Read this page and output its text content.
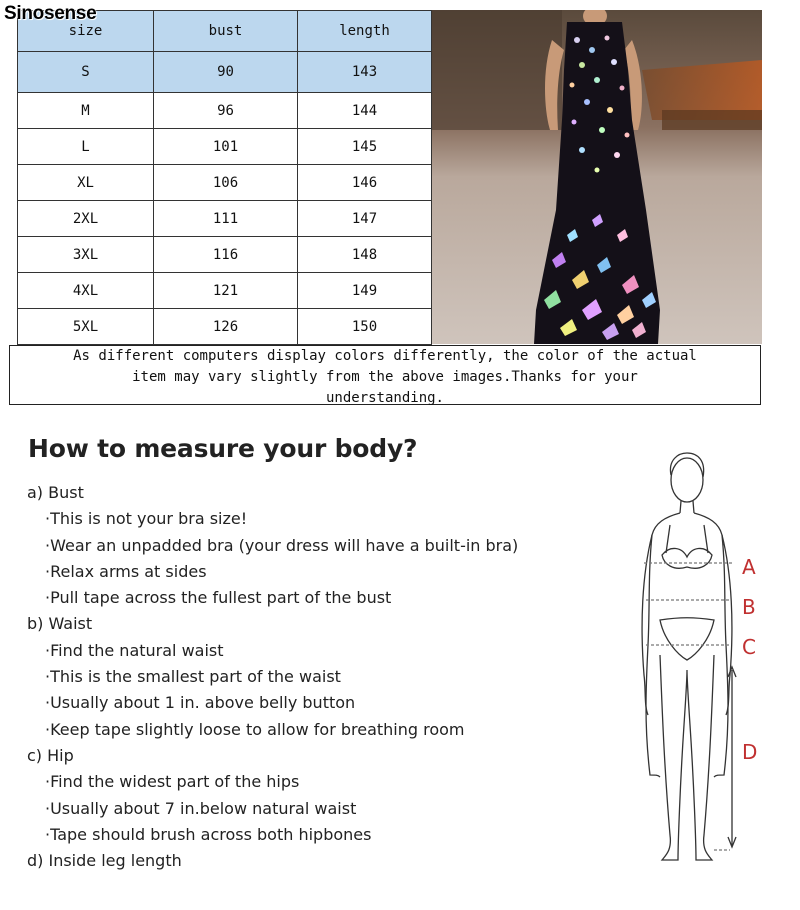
Sinosense
size	bust	length
S	90	143
M	96	144
L	101	145
XL	106	146
2XL	111	147
3XL	116	148
4XL	121	149
5XL	126	150
As different computers display colors differently, the color of the actual
item may vary slightly from the above images.Thanks for your
understanding.
How to measure your body?
a) Bust
·This is not your bra size!
·Wear an unpadded bra (your dress will have a built-in bra)
·Relax arms at sides
·Pull tape across the fullest part of the bust
b) Waist
·Find the natural waist
·This is the smallest part of the waist
·Usually about 1 in. above belly button
·Keep tape slightly loose to allow for breathing room
c) Hip
·Find the widest part of the hips
·Usually about 7 in.below natural waist
·Tape should brush across both hipbones
d) Inside leg length
A
B
C
D
